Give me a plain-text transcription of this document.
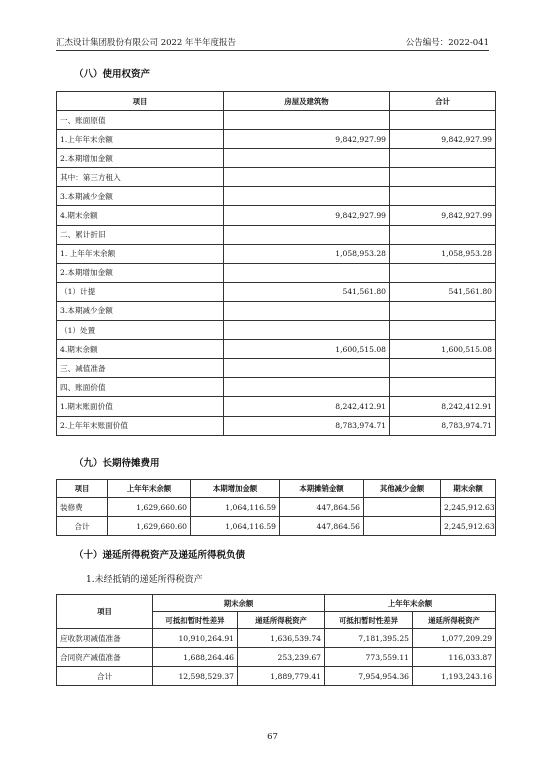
汇杰设计集团股份有限公司 2022 年半年度报告	公告编号：2022-041
（八）使用权资产
项目	房屋及建筑物	合计
一、账面原值		
1.上年年末余额	9,842,927.99	9,842,927.99
2.本期增加金额		
其中：第三方租入		
3.本期减少金额		
4.期末余额	9,842,927.99	9,842,927.99
二、累计折旧		
1. 上年年末余额	1,058,953.28	1,058,953.28
2.本期增加金额		
（1）计提	541,561.80	541,561.80
3.本期减少金额		
（1）处置		
4.期末余额	1,600,515.08	1,600,515.08
三、减值准备		
四、账面价值		
1.期末账面价值	8,242,412.91	8,242,412.91
2.上年年末账面价值	8,783,974.71	8,783,974.71
（九）长期待摊费用
项目	上年年末余额	本期增加金额	本期摊销金额	其他减少金额	期末余额
装修费	1,629,660.60	1,064,116.59	447,864.56		2,245,912.63
合计	1,629,660.60	1,064,116.59	447,864.56		2,245,912.63
（十）递延所得税资产及递延所得税负债
1.未经抵销的递延所得税资产
项目	期末余额		上年年末余额	
	可抵扣暂时性差异	递延所得税资产	可抵扣暂时性差异	递延所得税资产
应收款项减值准备	10,910,264.91	1,636,539.74	7,181,395.25	1,077,209.29
合同资产减值准备	1,688,264.46	253,239.67	773,559.11	116,033.87
合计	12,598,529.37	1,889,779.41	7,954,954.36	1,193,243.16
67
